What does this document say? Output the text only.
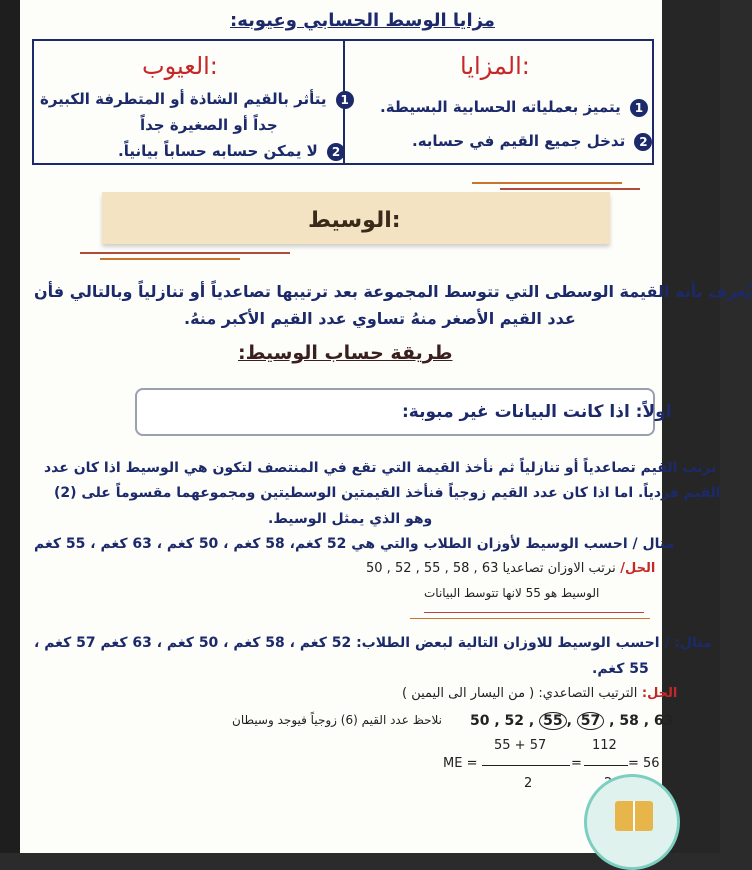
مزايا الوسط الحسابي وعيوبه:
المزايا:
العيوب:
1 يتميز بعملياته الحسابية البسيطة.
2 تدخل جميع القيم في حسابه.
1 يتأثر بالقيم الشاذة أو المتطرفة الكبيرة
جداً أو الصغيرة جداً
2 لا يمكن حسابه حساباً بيانياً.
الوسيط:
يُعرف بأنه القيمة الوسطى التي تتوسط المجموعة بعد ترتيبها تصاعدياً أو تنازلياً وبالتالي فأن
عدد القيم الأصغر منهُ تساوي عدد القيم الأكبر منهُ.
طريقة حساب الوسيط:
اولاً: اذا كانت البيانات غير مبوبة:
نرتب القيم تصاعدياً أو تنازلياً ثم نأخذ القيمة التي تقع في المنتصف لتكون هي الوسيط اذا كان عدد
القيم فردياً. اما اذا كان عدد القيم زوجياً فنأخذ القيمتين الوسطيتين ومجموعهما مقسوماً على (2)
وهو الذي يمثل الوسيط.
مثال / احسب الوسيط لأوزان الطلاب والتي هي 52 كغم، 58 كغم ، 50 كغم ، 63 كغم ، 55 كغم
الحل/ نرتب الاوزان تصاعديا 63 , 58 , 55 , 52 , 50
الوسيط هو 55 لانها تتوسط البيانات
مثال: / احسب الوسيط للاوزان التالية لبعض الطلاب: 52 كغم ، 58 كغم ، 50 كغم ، 63 كغم 57 كغم ،
55 كغم.
الحل: الترتيب التصاعدي: ( من اليسار الى اليمين )
50 , 52 , 55 , 57 , 58 , 63
نلاحظ عدد القيم (6) زوجياً فيوجد وسيطان
55 + 57	112
ME =	=	= 56
2
